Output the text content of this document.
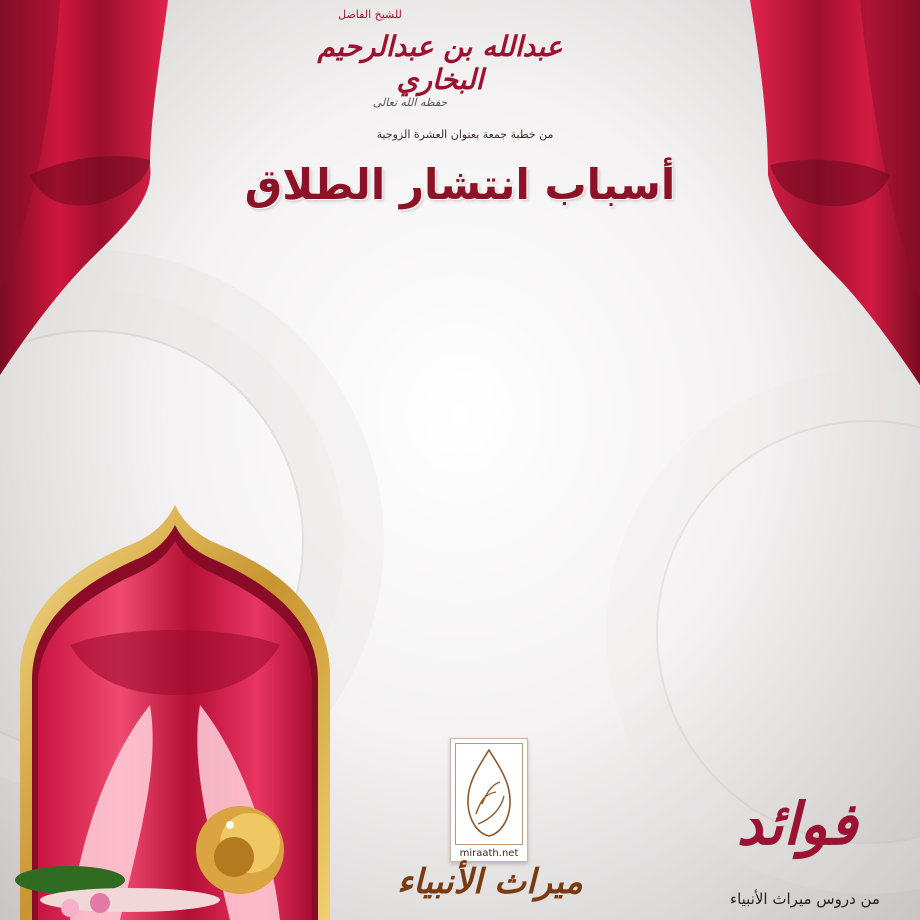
للشيخ الفاضل
عبدالله بن عبدالرحيم البخاري
حفظه الله تعالى
من خطبة جمعة بعنوان العشرة الزوجية
أسباب انتشار الطلاق
miraath.net
ميراث الأنبياء
فوائد
من دروس ميراث الأنبياء
